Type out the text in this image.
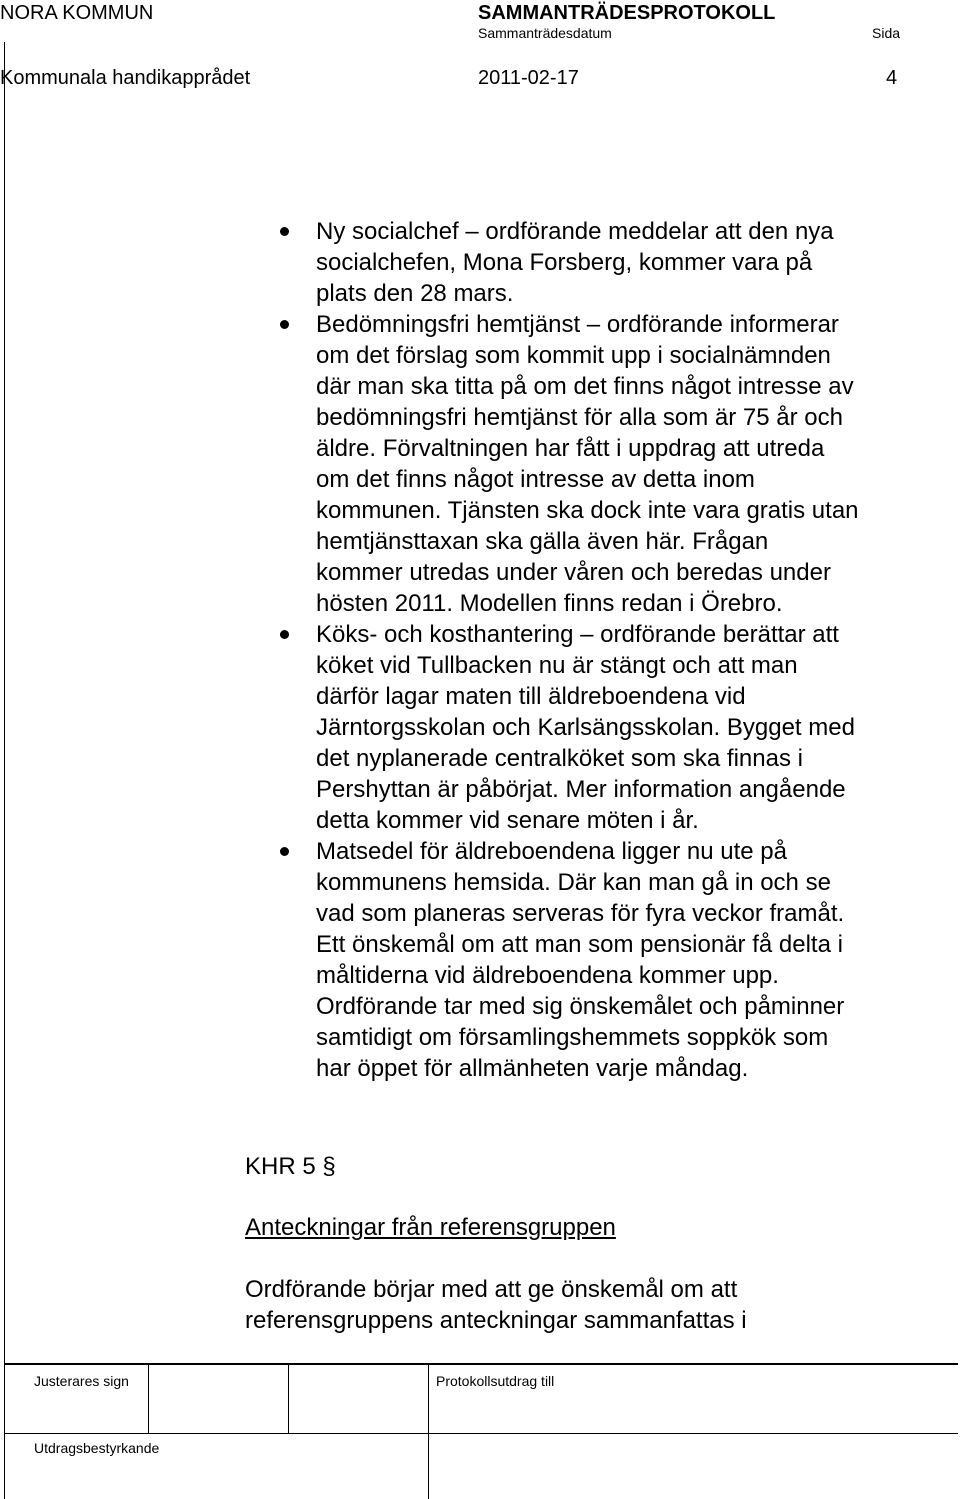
NORA KOMMUN	SAMMANTRÄDESPROTOKOLL
Sammanträdesdatum	Sida
Kommunala handikapprådet	2011-02-17	4
Ny socialchef – ordförande meddelar att den nya
socialchefen, Mona Forsberg, kommer vara på
plats den 28 mars.
Bedömningsfri hemtjänst – ordförande informerar
om det förslag som kommit upp i socialnämnden
där man ska titta på om det finns något intresse av
bedömningsfri hemtjänst för alla som är 75 år och
äldre. Förvaltningen har fått i uppdrag att utreda
om det finns något intresse av detta inom
kommunen. Tjänsten ska dock inte vara gratis utan
hemtjänsttaxan ska gälla även här. Frågan
kommer utredas under våren och beredas under
hösten 2011. Modellen finns redan i Örebro.
Köks- och kosthantering – ordförande berättar att
köket vid Tullbacken nu är stängt och att man
därför lagar maten till äldreboendena vid
Järntorgsskolan och Karlsängsskolan. Bygget med
det nyplanerade centralköket som ska finnas i
Pershyttan är påbörjat. Mer information angående
detta kommer vid senare möten i år.
Matsedel för äldreboendena ligger nu ute på
kommunens hemsida. Där kan man gå in och se
vad som planeras serveras för fyra veckor framåt.
Ett önskemål om att man som pensionär få delta i
måltiderna vid äldreboendena kommer upp.
Ordförande tar med sig önskemålet och påminner
samtidigt om församlingshemmets soppkök som
har öppet för allmänheten varje måndag.
KHR 5 §
Anteckningar från referensgruppen
Ordförande börjar med att ge önskemål om att
referensgruppens anteckningar sammanfattas i
Justerares sign	Protokollsutdrag till
Utdragsbestyrkande
